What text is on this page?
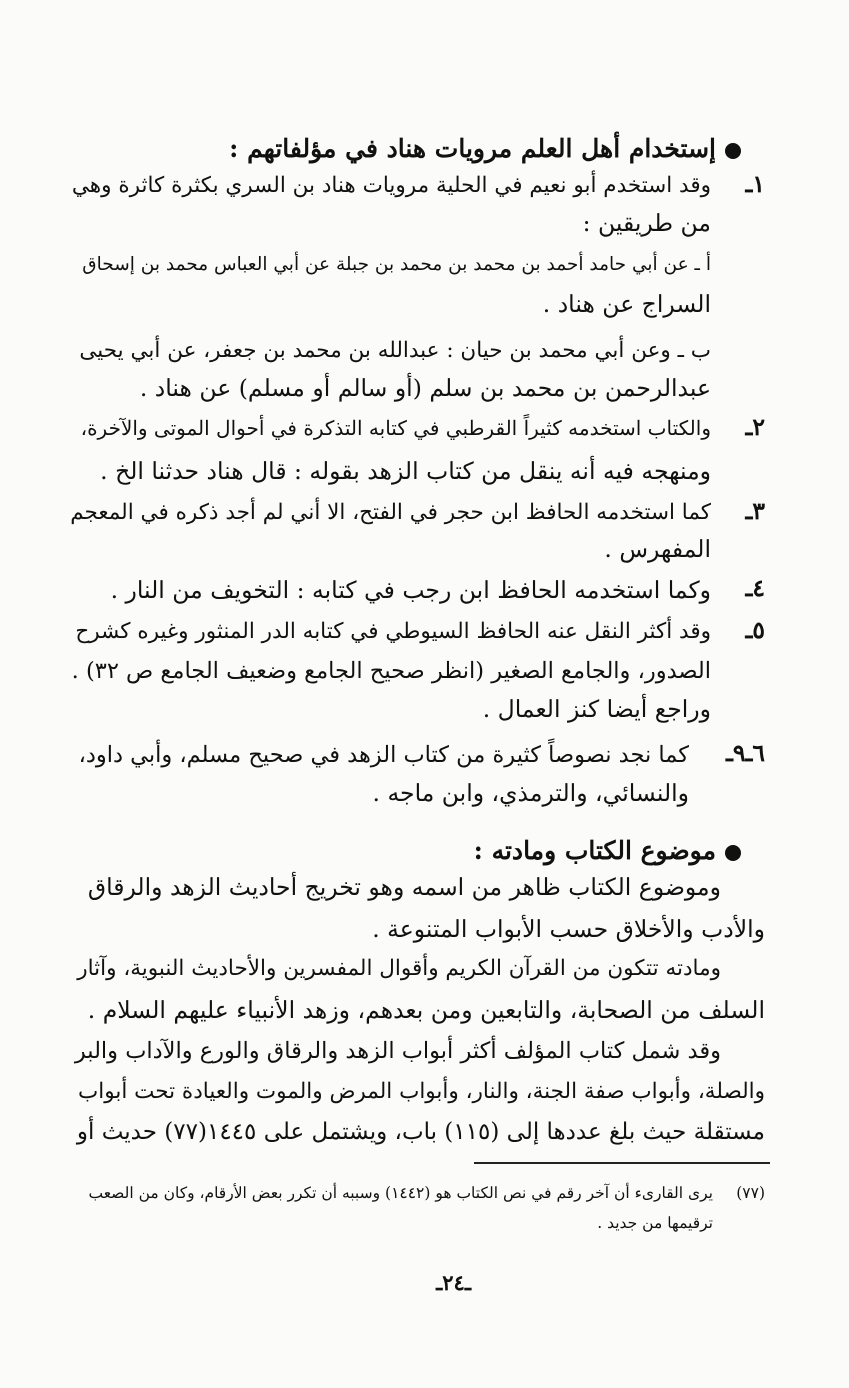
إستخدام أهل العلم مرويات هناد في مؤلفاتهم :
١ـ
وقد استخدم أبو نعيم في الحلية مرويات هناد بن السري بكثرة كاثرة وهي
من طريقين :
أ ـ عن أبي حامد أحمد بن محمد بن محمد بن جبلة عن أبي العباس محمد بن إسحاق
السراج عن هناد .
ب ـ وعن أبي محمد بن حيان : عبدالله بن محمد بن جعفر، عن أبي يحيى
عبدالرحمن بن محمد بن سلم (أو سالم أو مسلم) عن هناد .
٢ـ
والكتاب استخدمه كثيراً القرطبي في كتابه التذكرة في أحوال الموتى والآخرة،
ومنهجه فيه أنه ينقل من كتاب الزهد بقوله : قال هناد حدثنا الخ .
٣ـ
كما استخدمه الحافظ ابن حجر في الفتح، الا أني لم أجد ذكره في المعجم
المفهرس .
٤ـ
وكما استخدمه الحافظ ابن رجب في كتابه : التخويف من النار .
٥ـ
وقد أكثر النقل عنه الحافظ السيوطي في كتابه الدر المنثور وغيره كشرح
الصدور، والجامع الصغير (انظر صحيح الجامع وضعيف الجامع ص ٣٢) .
وراجع أيضا كنز العمال .
٦ـ٩ـ
كما نجد نصوصاً كثيرة من كتاب الزهد في صحيح مسلم، وأبي داود،
والنسائي، والترمذي، وابن ماجه .
موضوع الكتاب ومادته :
وموضوع الكتاب ظاهر من اسمه وهو تخريج أحاديث الزهد والرقاق
والأدب والأخلاق حسب الأبواب المتنوعة .
ومادته تتكون من القرآن الكريم وأقوال المفسرين والأحاديث النبوية، وآثار
السلف من الصحابة، والتابعين ومن بعدهم، وزهد الأنبياء عليهم السلام .
وقد شمل كتاب المؤلف أكثر أبواب الزهد والرقاق والورع والآداب والبر
والصلة، وأبواب صفة الجنة، والنار، وأبواب المرض والموت والعيادة تحت أبواب
مستقلة حيث بلغ عددها إلى (١١٥) باب، ويشتمل على ١٤٤٥(٧٧) حديث أو
(٧٧)
يرى القارىء أن آخر رقم في نص الكتاب هو (١٤٤٢) وسببه أن تكرر بعض الأرقام، وكان من الصعب
ترقيمها من جديد .
ـ٢٤ـ
